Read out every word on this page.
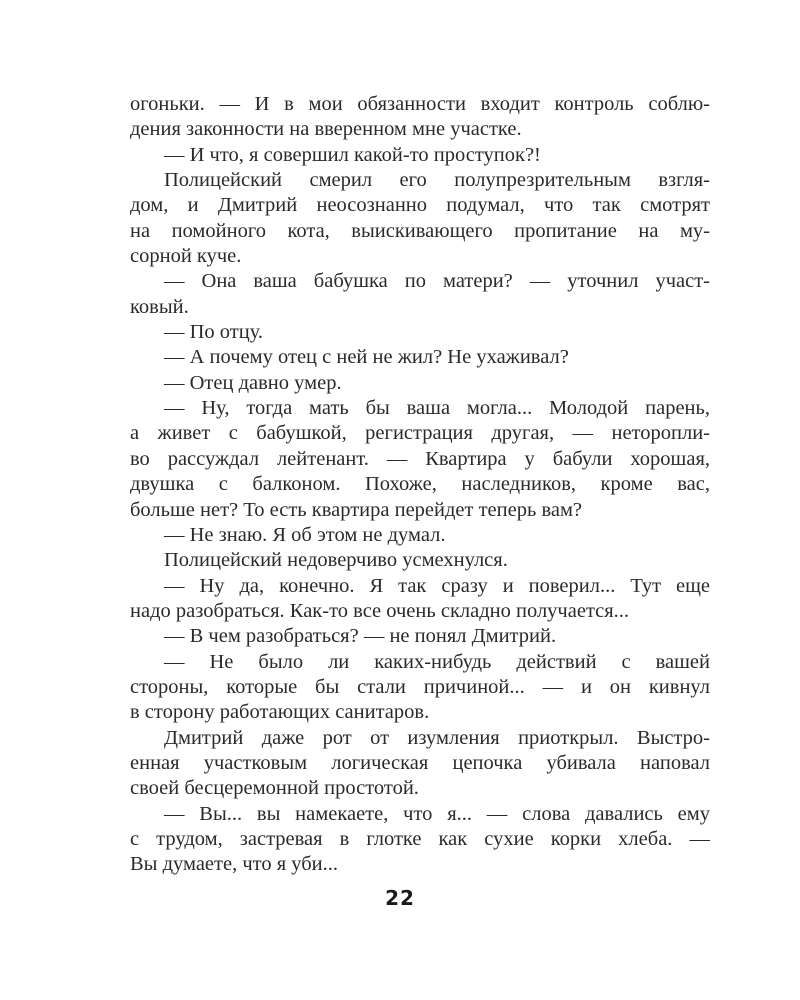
огоньки. — И в мои обязанности входит контроль соблю-
дения законности на вверенном мне участке.
— И что, я совершил какой-то проступок?!
Полицейский смерил его полупрезрительным взгля-
дом, и Дмитрий неосознанно подумал, что так смотрят
на помойного кота, выискивающего пропитание на му-
сорной куче.
— Она ваша бабушка по матери? — уточнил участ-
ковый.
— По отцу.
— А почему отец с ней не жил? Не ухаживал?
— Отец давно умер.
— Ну, тогда мать бы ваша могла... Молодой парень,
а живет с бабушкой, регистрация другая, — неторопли-
во рассуждал лейтенант. — Квартира у бабули хорошая,
двушка с балконом. Похоже, наследников, кроме вас,
больше нет? То есть квартира перейдет теперь вам?
— Не знаю. Я об этом не думал.
Полицейский недоверчиво усмехнулся.
— Ну да, конечно. Я так сразу и поверил... Тут еще
надо разобраться. Как-то все очень складно получается...
— В чем разобраться? — не понял Дмитрий.
— Не было ли каких-нибудь действий с вашей
стороны, которые бы стали причиной... — и он кивнул
в сторону работающих санитаров.
Дмитрий даже рот от изумления приоткрыл. Выстро-
енная участковым логическая цепочка убивала наповал
своей бесцеремонной простотой.
— Вы... вы намекаете, что я... — слова давались ему
с трудом, застревая в глотке как сухие корки хлеба. —
Вы думаете, что я уби...
22
